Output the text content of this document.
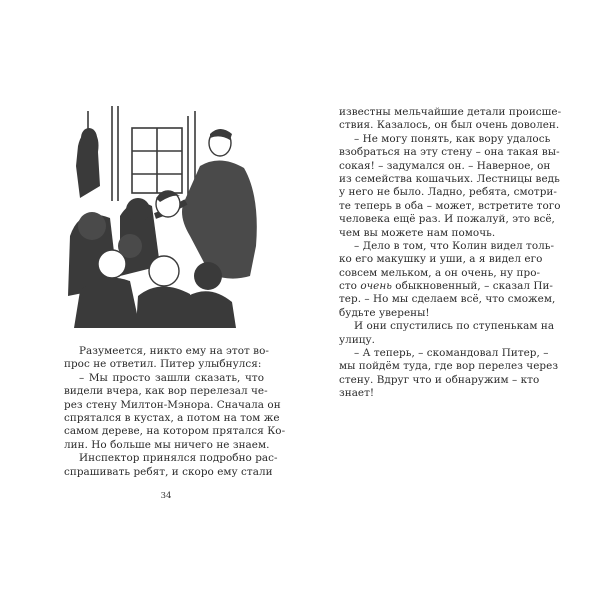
Разумеется, никто ему на этот во-
прос не ответил. Питер улыбнулся:
– Мы просто зашли сказать, что
видели вчера, как вор перелезал че-
рез стену Милтон-Мэнора. Сначала он
спрятался в кустах, а потом на том же
самом дереве, на котором прятался Ко-
лин. Но больше мы ничего не знаем.
Инспектор принялся подробно рас-
спрашивать ребят, и скоро ему стали
34
известны мельчайшие детали происше-
ствия. Казалось, он был очень доволен.
– Не могу понять, как вору удалось
взобраться на эту стену – она такая вы-
сокая! – задумался он. – Наверное, он
из семейства кошачьих. Лестницы ведь
у него не было. Ладно, ребята, смотри-
те теперь в оба – может, встретите того
человека ещё раз. И пожалуй, это всё,
чем вы можете нам помочь.
– Дело в том, что Колин видел толь-
ко его макушку и уши, а я видел его
совсем мельком, а он очень, ну про-
сто очень обыкновенный, – сказал Пи-
тер. – Но мы сделаем всё, что сможем,
будьте уверены!
И они спустились по ступенькам на
улицу.
– А теперь, – скомандовал Питер, –
мы пойдём туда, где вор перелез через
стену. Вдруг что и обнаружим – кто
знает!
